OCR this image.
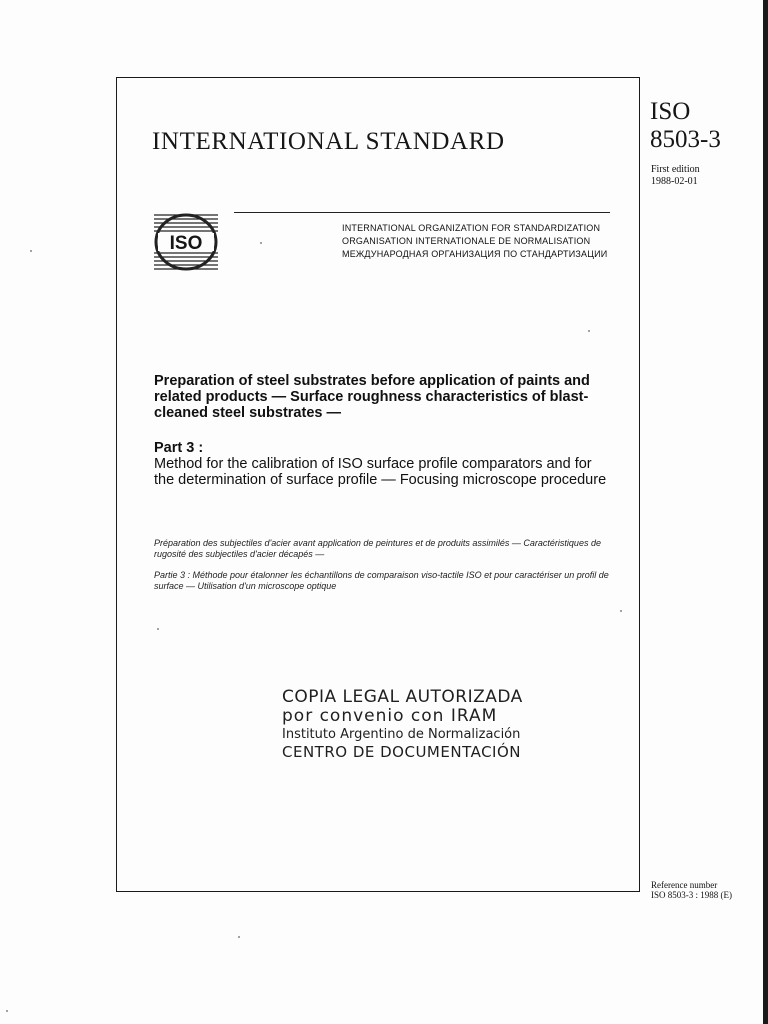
INTERNATIONAL STANDARD
ISO
8503-3
First edition
1988-02-01
ISO
INTERNATIONAL ORGANIZATION FOR STANDARDIZATION
ORGANISATION INTERNATIONALE DE NORMALISATION
МЕЖДУНАРОДНАЯ ОРГАНИЗАЦИЯ ПО СТАНДАРТИЗАЦИИ
Preparation of steel substrates before application of paints and related products — Surface roughness characteristics of blast-cleaned steel substrates —
Part 3 :
Method for the calibration of ISO surface profile comparators and for the determination of surface profile — Focusing microscope procedure
Préparation des subjectiles d'acier avant application de peintures et de produits assimilés — Caractéristiques de rugosité des subjectiles d'acier décapés —
Partie 3 : Méthode pour étalonner les échantillons de comparaison viso-tactile ISO et pour caractériser un profil de surface — Utilisation d'un microscope optique
COPIA LEGAL AUTORIZADA
por convenio con IRAM
Instituto Argentino de Normalización
CENTRO DE DOCUMENTACIÓN
Reference number
ISO 8503-3 : 1988 (E)
